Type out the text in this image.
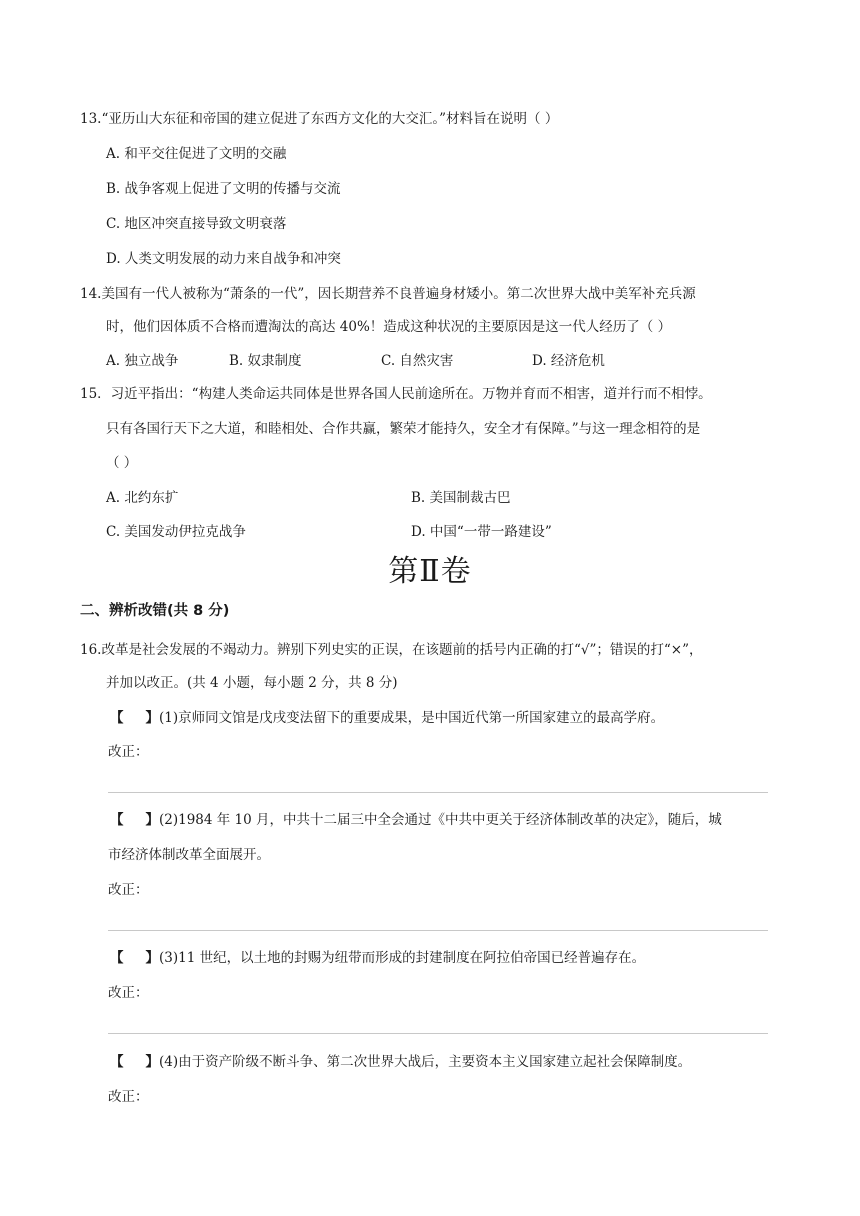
13.“亚历山大东征和帝国的建立促进了东西方文化的大交汇。”材料旨在说明（ ）
A. 和平交往促进了文明的交融
B. 战争客观上促进了文明的传播与交流
C. 地区冲突直接导致文明衰落
D. 人类文明发展的动力来自战争和冲突
14.美国有一代人被称为“萧条的一代”，因长期营养不良普遍身材矮小。第二次世界大战中美军补充兵源
时，他们因体质不合格而遭淘汰的高达 40%！造成这种状况的主要原因是这一代人经历了（ ）
A. 独立战争	B. 奴隶制度	C. 自然灾害	D. 经济危机
15．习近平指出：“构建人类命运共同体是世界各国人民前途所在。万物并育而不相害，道并行而不相悖。
只有各国行天下之大道，和睦相处、合作共赢，繁荣才能持久，安全才有保障。”与这一理念相符的是
（ ）
A. 北约东扩	B. 美国制裁古巴
C. 美国发动伊拉克战争	D. 中国“一带一路建设”
第Ⅱ卷
二、辨析改错(共 8 分)
16.改革是社会发展的不竭动力。辨别下列史实的正误，在该题前的括号内正确的打“√”；错误的打“×”，
并加以改正。(共 4 小题，每小题 2 分，共 8 分)
【 】(1)京师同文馆是戊戌变法留下的重要成果，是中国近代第一所国家建立的最高学府。
改正：
【 】(2)1984 年 10 月，中共十二届三中全会通过《中共中更关于经济体制改革的决定》，随后，城
市经济体制改革全面展开。
改正：
【 】(3)11 世纪，以土地的封赐为纽带而形成的封建制度在阿拉伯帝国已经普遍存在。
改正：
【 】(4)由于资产阶级不断斗争、第二次世界大战后，主要资本主义国家建立起社会保障制度。
改正：
